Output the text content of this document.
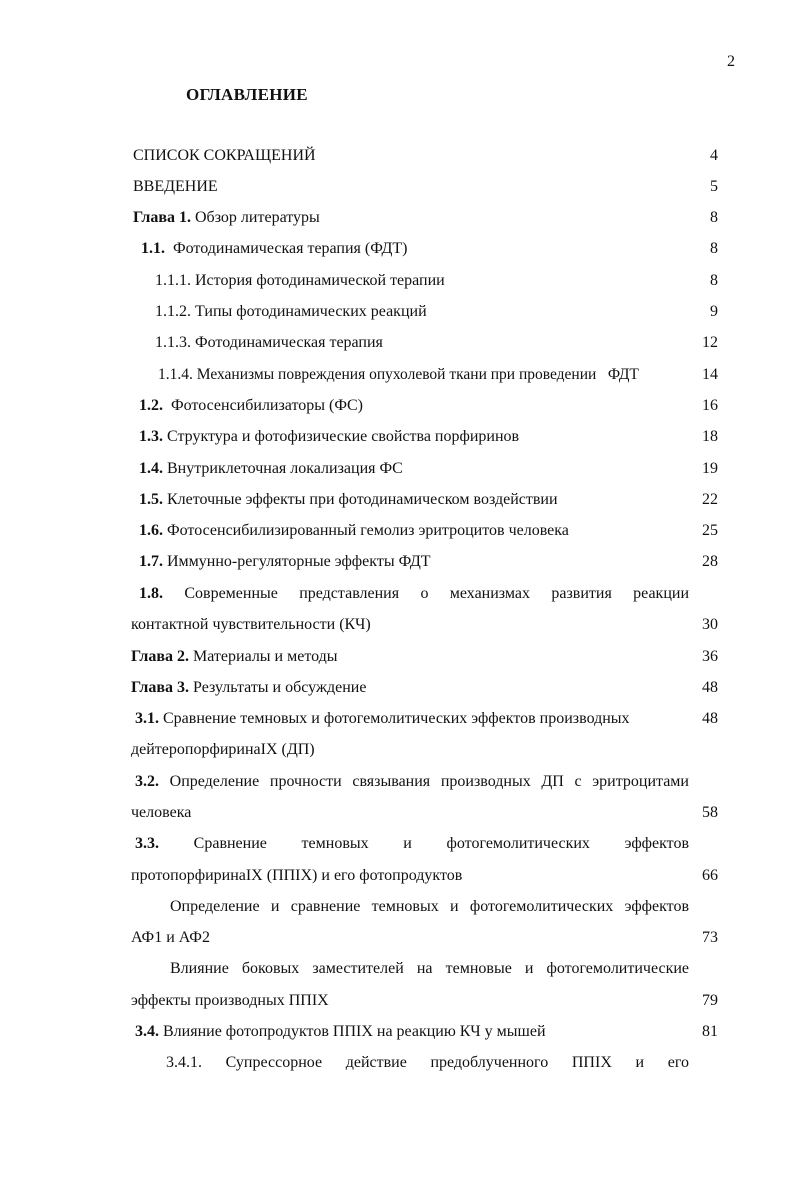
2
ОГЛАВЛЕНИЕ
СПИСОК СОКРАЩЕНИЙ	4
ВВЕДЕНИЕ	5
Глава 1. Обзор литературы	8
1.1.  Фотодинамическая терапия (ФДТ)	8
1.1.1. История фотодинамической терапии	8
1.1.2. Типы фотодинамических реакций	9
1.1.3. Фотодинамическая терапия	12
1.1.4. Механизмы повреждения опухолевой ткани при проведении   ФДТ	14
1.2.  Фотосенсибилизаторы (ФС)	16
1.3. Структура и фотофизические свойства порфиринов	18
1.4. Внутриклеточная локализация ФС	19
1.5. Клеточные эффекты при фотодинамическом воздействии	22
1.6. Фотосенсибилизированный гемолиз эритроцитов человека	25
1.7. Иммунно-регуляторные эффекты ФДТ	28
1.8. Современные представления о механизмах развития реакции
контактной чувствительности (КЧ)	30
Глава 2. Материалы и методы	36
Глава 3. Результаты и обсуждение	48
3.1. Сравнение темновых и фотогемолитических эффектов производных	48
дейтеропорфиринаIX (ДП)
3.2. Определение прочности связывания производных ДП с эритроцитами
человека	58
3.3. Сравнение темновых и фотогемолитических эффектов
протопорфиринаIX (ППIX) и его фотопродуктов	66
Определение и сравнение темновых и фотогемолитических эффектов
АФ1 и АФ2	73
Влияние боковых заместителей на темновые и фотогемолитические
эффекты производных ППIX	79
3.4. Влияние фотопродуктов ППIX на реакцию КЧ у мышей	81
3.4.1. Супрессорное действие предоблученного ППIX и его
